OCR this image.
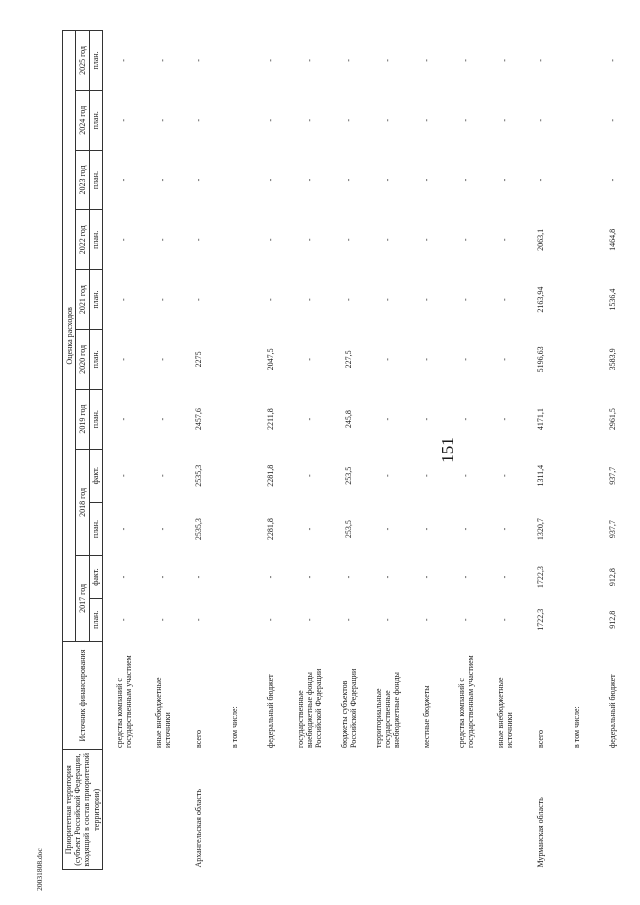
151
Приоритетная территория (субъект Российской Федерации, входящий в состав приоритетной территории)	Источник финансирования	Оценка расходов										
		2017 год		2018 год		2019 год	2020 год	2021 год	2022 год	2023 год	2024 год	2025 год
		план.	факт.	план.	факт.	план.	план.	план.	план.	план.	план.	план.
	средства компаний с государственным участием	-	-	-	-	-	-	-	-	-	-	-
	иные внебюджетные источники	-	-	-	-	-	-	-	-	-	-	-
Архангельская область	всего	-	-	2535,3	2535,3	2457,6	2275	-	-	-	-	-
	в том числе:											
	федеральный бюджет	-	-	2281,8	2281,8	2211,8	2047,5	-	-	-	-	-
	государственные внебюджетные фонды Российской Федерации	-	-	-	-	-	-	-	-	-	-	-
	бюджеты субъектов Российской Федерации	-	-	253,5	253,5	245,8	227,5	-	-	-	-	-
	территориальные государственные внебюджетные фонды	-	-	-	-	-	-	-	-	-	-	-
	местные бюджеты	-	-	-	-	-	-	-	-	-	-	-
	средства компаний с государственным участием	-	-	-	-	-	-	-	-	-	-	-
	иные внебюджетные источники	-	-	-	-	-	-	-	-	-	-	-
Мурманская область	всего	1722,3	1722,3	1320,7	1311,4	4171,1	5196,63	2163,94	2063,1	-	-	-
	в том числе:											
	федеральный бюджет	912,8	912,8	937,7	937,7	2961,5	3583,9	1536,4	1464,8	-	-	-
20031808.doc
